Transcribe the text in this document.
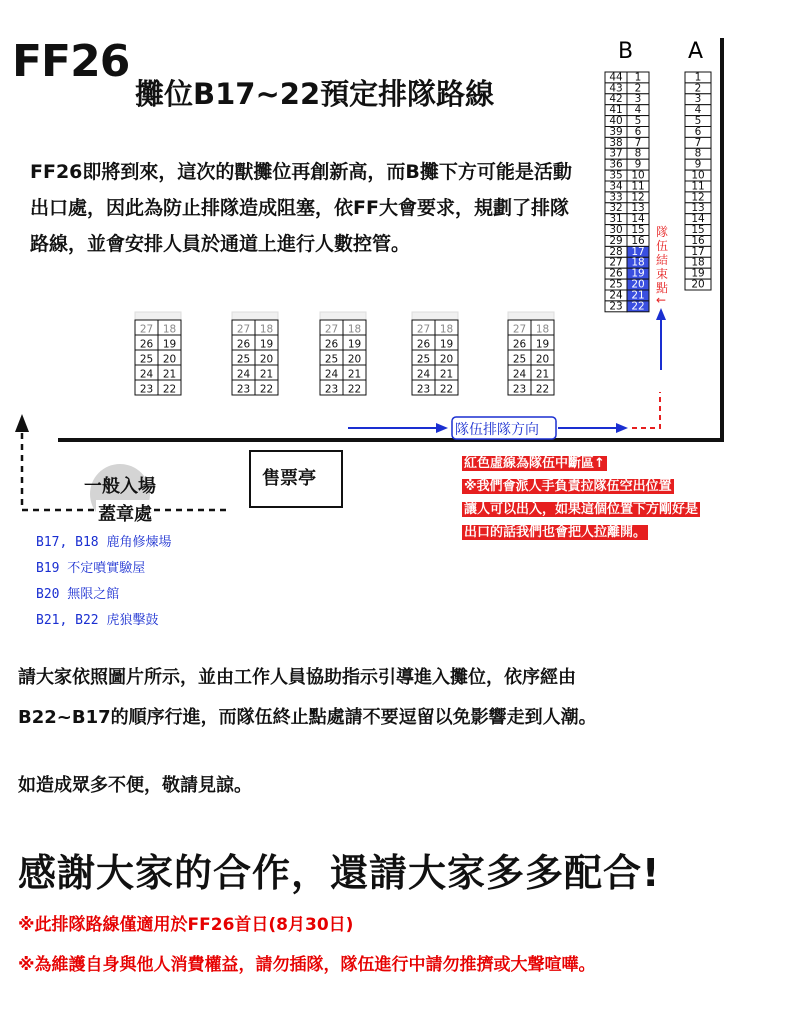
44 1
43 2
42 3
41 4
40 5
39 6
38 7
37 8
36 9
35 10
34 11
33 12
32 13
31 14
30 15
29 16
28 17
27 18
26 19
25 20
24 21
23 22
1
2
3
4
5
6
7
8
9
10
11
12
13
14
15
16
17
18
19
20
27 18
26 19
25 20
24 21
23 22
27 18
26 19
25 20
24 21
23 22
27 18
26 19
25 20
24 21
23 22
27 18
26 19
25 20
24 21
23 22
27 18
26 19
25 20
24 21
23 22
B A
隊
伍
結
束
點
←
FF26
攤位B17~22預定排隊路線
FF26即將到來，這次的獸攤位再創新高，而B攤下方可能是活動出口處，因此為防止排隊造成阻塞，依FF大會要求，規劃了排隊路線，並會安排人員於通道上進行人數控管。
隊伍排隊方向
一般入場
蓋章處
售票亭
紅色虛線為隊伍中斷區↑
※我們會派人手負責拉隊伍空出位置
讓人可以出入，如果這個位置下方剛好是
出口的話我們也會把人拉離開。
B17, B18 鹿角修煉場
B19 不定噴實驗屋
B20 無限之館
B21, B22 虎狼擊鼓
請大家依照圖片所示，並由工作人員協助指示引導進入攤位，依序經由
B22~B17的順序行進，而隊伍終止點處請不要逗留以免影響走到人潮。
如造成眾多不便，敬請見諒。
感謝大家的合作，還請大家多多配合!
※此排隊路線僅適用於FF26首日(8月30日)
※為維護自身與他人消費權益，請勿插隊，隊伍進行中請勿推擠或大聲喧嘩。
